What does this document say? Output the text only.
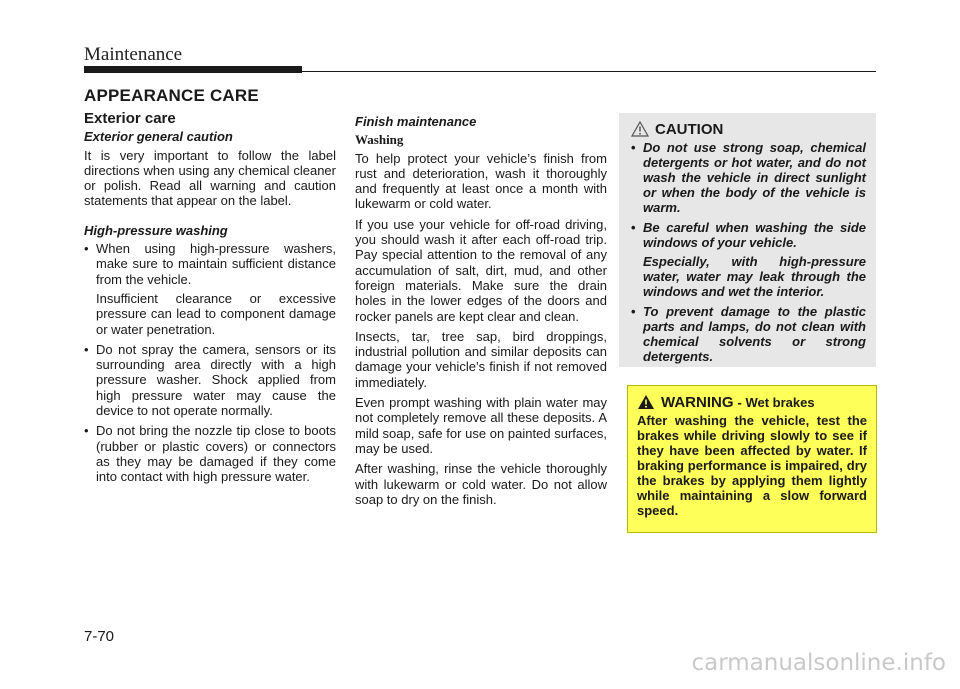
Maintenance
APPEARANCE CARE
Exterior care
Exterior general caution
It is very important to follow the label directions when using any chemical cleaner or polish. Read all warning and caution statements that appear on the label.
High-pressure washing
• When using high-pressure washers, make sure to maintain sufficient distance from the vehicle.
Insufficient clearance or excessive pressure can lead to component damage or water penetration.
• Do not spray the camera, sensors or its surrounding area directly with a high pressure washer. Shock applied from high pressure water may cause the device to not operate normally.
• Do not bring the nozzle tip close to boots (rubber or plastic covers) or connectors as they may be damaged if they come into contact with high pressure water.
Finish maintenance
Washing
To help protect your vehicle’s finish from rust and deterioration, wash it thoroughly and frequently at least once a month with lukewarm or cold water.
If you use your vehicle for off-road driving, you should wash it after each off-road trip. Pay special attention to the removal of any accumulation of salt, dirt, mud, and other foreign materials. Make sure the drain holes in the lower edges of the doors and rocker panels are kept clear and clean.
Insects, tar, tree sap, bird droppings, industrial pollution and similar deposits can damage your vehicle’s finish if not removed immediately.
Even prompt washing with plain water may not completely remove all these deposits. A mild soap, safe for use on painted surfaces, may be used.
After washing, rinse the vehicle thoroughly with lukewarm or cold water. Do not allow soap to dry on the finish.
CAUTION
• Do not use strong soap, chemical detergents or hot water, and do not wash the vehicle in direct sunlight or when the body of the vehicle is warm.
• Be careful when washing the side windows of your vehicle.
Especially, with high-pressure water, water may leak through the windows and wet the interior.
• To prevent damage to the plastic parts and lamps, do not clean with chemical solvents or strong detergents.
WARNING - Wet brakes
After washing the vehicle, test the brakes while driving slowly to see if they have been affected by water. If braking performance is impaired, dry the brakes by applying them lightly while maintaining a slow forward speed.
7-70
carmanualsonline.info
